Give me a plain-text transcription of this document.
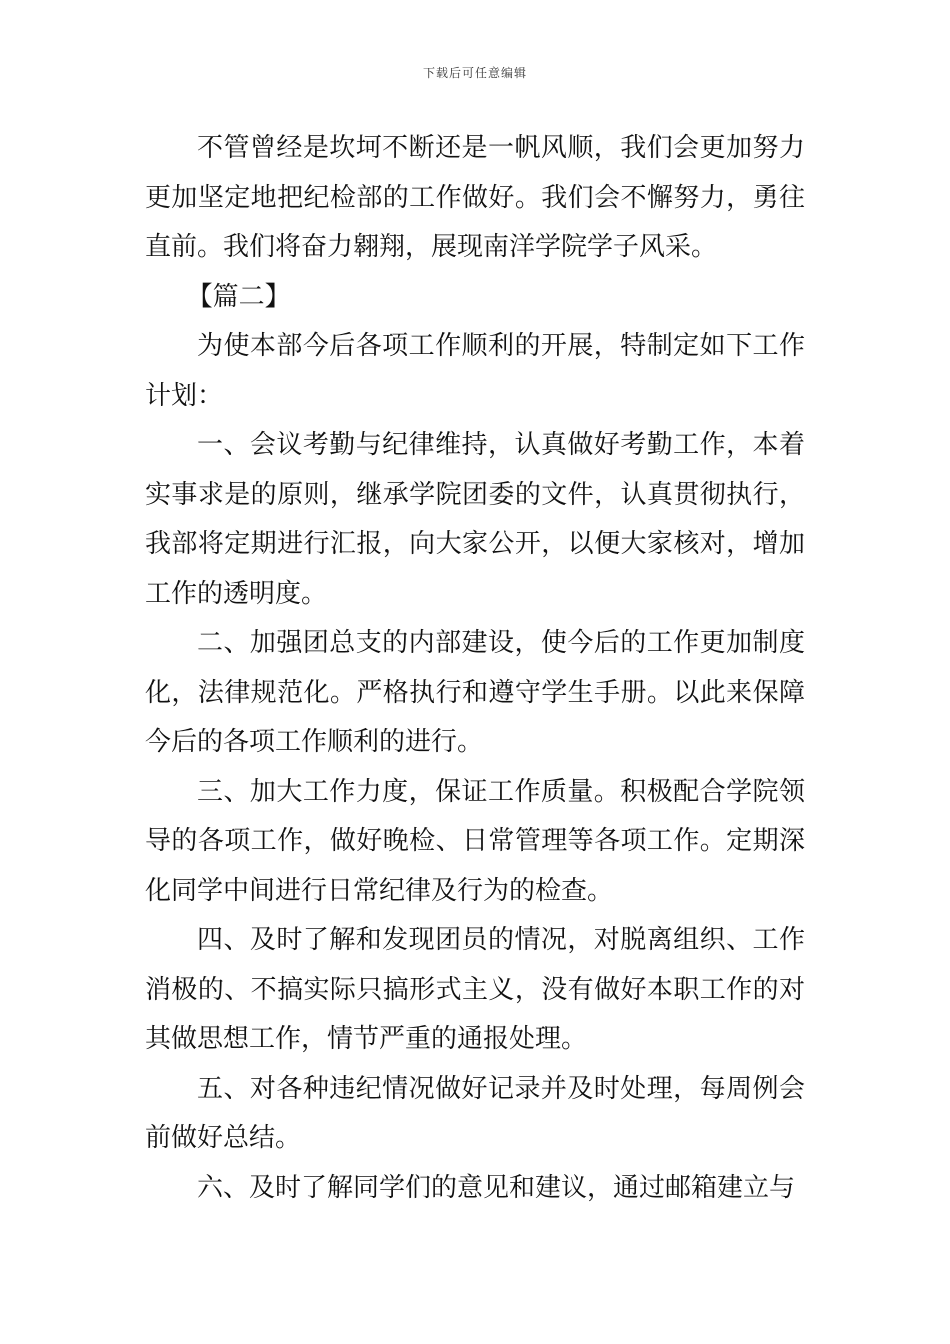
下载后可任意编辑

不管曾经是坎坷不断还是一帆风顺，我们会更加努力更加坚定地把纪检部的工作做好。我们会不懈努力，勇往直前。我们将奋力翱翔，展现南洋学院学子风采。

【篇二】

为使本部今后各项工作顺利的开展，特制定如下工作计划：

一、会议考勤与纪律维持，认真做好考勤工作，本着实事求是的原则，继承学院团委的文件，认真贯彻执行，我部将定期进行汇报，向大家公开，以便大家核对，增加工作的透明度。

二、加强团总支的内部建设，使今后的工作更加制度化，法律规范化。严格执行和遵守学生手册。以此来保障今后的各项工作顺利的进行。

三、加大工作力度，保证工作质量。积极配合学院领导的各项工作，做好晚检、日常管理等各项工作。定期深化同学中间进行日常纪律及行为的检查。

四、及时了解和发现团员的情况，对脱离组织、工作消极的、不搞实际只搞形式主义，没有做好本职工作的对其做思想工作，情节严重的通报处理。

五、对各种违纪情况做好记录并及时处理，每周例会前做好总结。

六、及时了解同学们的意见和建议，通过邮箱建立与
